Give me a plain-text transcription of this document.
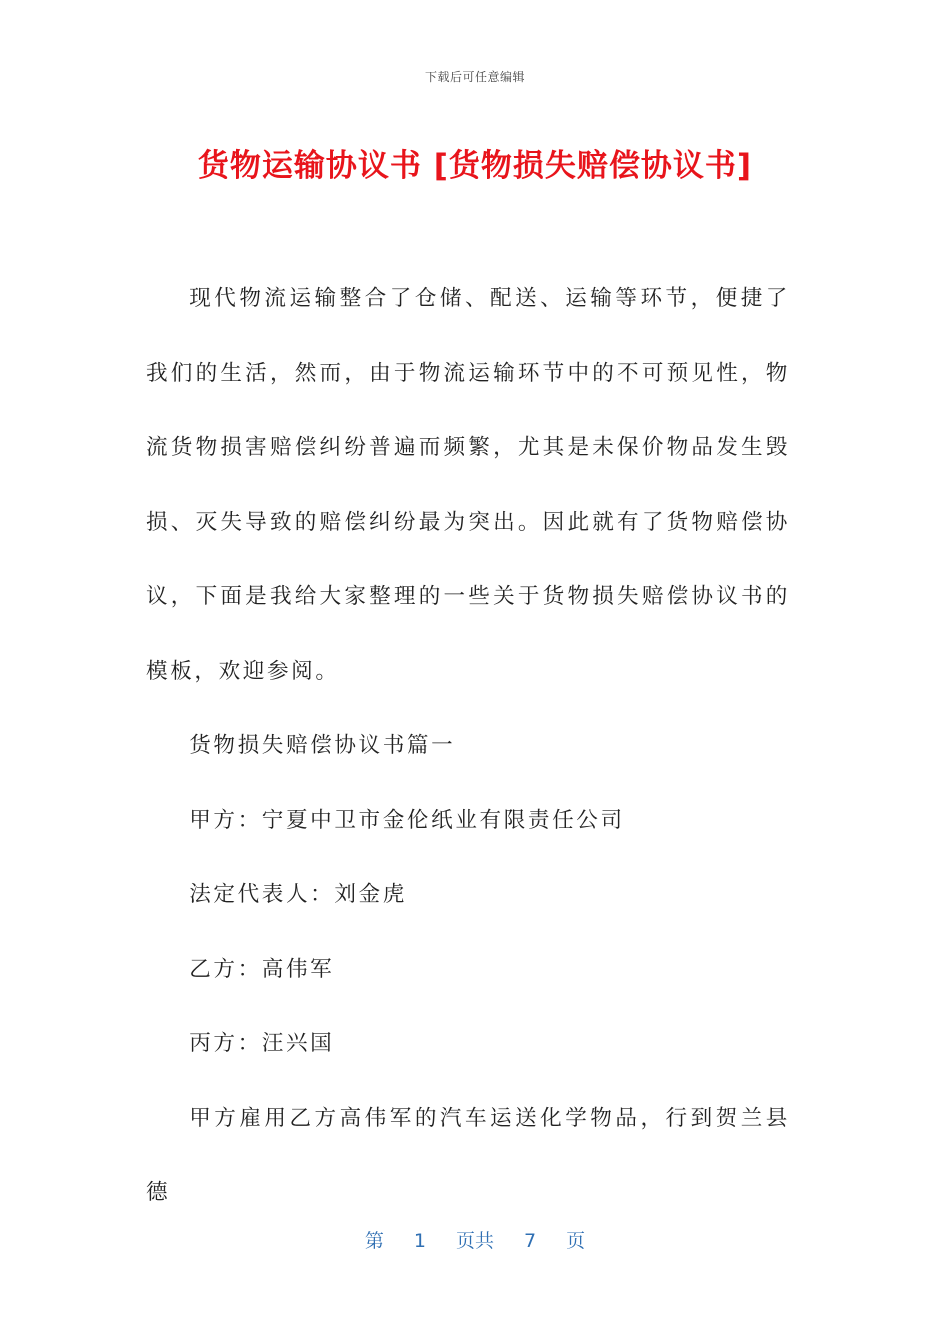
下载后可任意编辑
货物运输协议书 [货物损失赔偿协议书]

现代物流运输整合了仓储、配送、运输等环节，便捷了我们的生活，然而，由于物流运输环节中的不可预见性，物流货物损害赔偿纠纷普遍而频繁，尤其是未保价物品发生毁损、灭失导致的赔偿纠纷最为突出。因此就有了货物赔偿协议，下面是我给大家整理的一些关于货物损失赔偿协议书的模板，欢迎参阅。

货物损失赔偿协议书篇一

甲方：宁夏中卫市金伦纸业有限责任公司

法定代表人：刘金虎

乙方：高伟军

丙方：汪兴国

甲方雇用乙方高伟军的汽车运送化学物品，行到贺兰县德

第 1 页共 7 页
